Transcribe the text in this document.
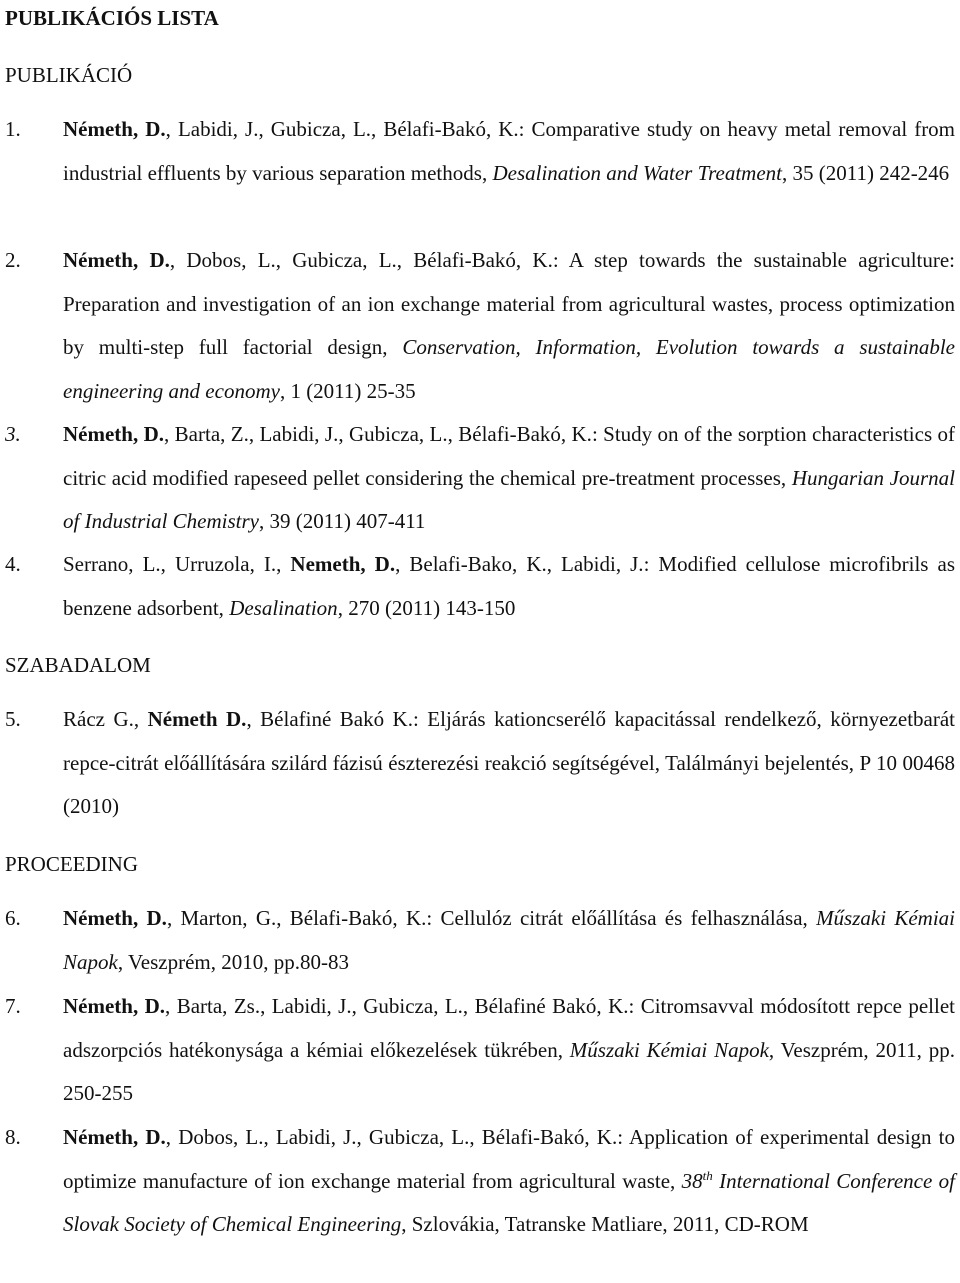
PUBLIKÁCIÓS LISTA
PUBLIKÁCIÓ
1. Németh, D., Labidi, J., Gubicza, L., Bélafi-Bakó, K.: Comparative study on heavy metal removal from industrial effluents by various separation methods, Desalination and Water Treatment, 35 (2011) 242-246
2. Németh, D., Dobos, L., Gubicza, L., Bélafi-Bakó, K.: A step towards the sustainable agriculture: Preparation and investigation of an ion exchange material from agricultural wastes, process optimization by multi-step full factorial design, Conservation, Information, Evolution towards a sustainable engineering and economy, 1 (2011) 25-35
3. Németh, D., Barta, Z., Labidi, J., Gubicza, L., Bélafi-Bakó, K.: Study on of the sorption characteristics of citric acid modified rapeseed pellet considering the chemical pre-treatment processes, Hungarian Journal of Industrial Chemistry, 39 (2011) 407-411
4. Serrano, L., Urruzola, I., Nemeth, D., Belafi-Bako, K., Labidi, J.: Modified cellulose microfibrils as benzene adsorbent, Desalination, 270 (2011) 143-150
SZABADALOM
5. Rácz G., Németh D., Bélafiné Bakó K.: Eljárás kationcserélő kapacitással rendelkező, környezetbarát repce-citrát előállítására szilárd fázisú észterezési reakció segítségével, Találmányi bejelentés, P 10 00468 (2010)
PROCEEDING
6. Németh, D., Marton, G., Bélafi-Bakó, K.: Cellulóz citrát előállítása és felhasználása, Műszaki Kémiai Napok, Veszprém, 2010, pp.80-83
7. Németh, D., Barta, Zs., Labidi, J., Gubicza, L., Bélafiné Bakó, K.: Citromsavval módosított repce pellet adszorpciós hatékonysága a kémiai előkezelések tükrében, Műszaki Kémiai Napok, Veszprém, 2011, pp. 250-255
8. Németh, D., Dobos, L., Labidi, J., Gubicza, L., Bélafi-Bakó, K.: Application of experimental design to optimize manufacture of ion exchange material from agricultural waste, 38th International Conference of Slovak Society of Chemical Engineering, Szlovákia, Tatranske Matliare, 2011, CD-ROM
